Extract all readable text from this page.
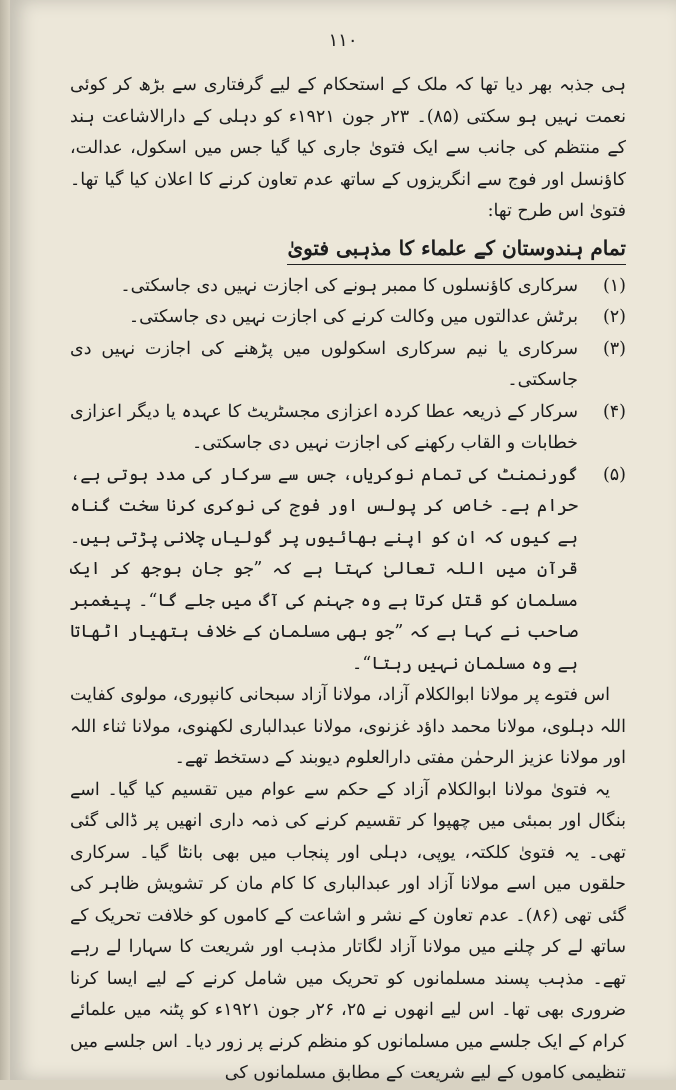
۱۱۰

ہی جذبہ بھر دیا تھا کہ ملک کے استحکام کے لیے گرفتاری سے بڑھ کر کوئی نعمت نہیں ہو سکتی (۸۵)۔ ۲۳ر جون ۱۹۲۱ء کو دہلی کے دارالاشاعت ہند کے منتظم کی جانب سے ایک فتویٰ جاری کیا گیا جس میں اسکول، عدالت، کاؤنسل اور فوج سے انگریزوں کے ساتھ عدم تعاون کرنے کا اعلان کیا گیا تھا۔ فتویٰ اس طرح تھا:

تمام ہندوستان کے علماء کا مذہبی فتویٰ
(۱)
سرکاری کاؤنسلوں کا ممبر ہونے کی اجازت نہیں دی جاسکتی۔
(۲)
برٹش عدالتوں میں وکالت کرنے کی اجازت نہیں دی جاسکتی۔
(۳)
سرکاری یا نیم سرکاری اسکولوں میں پڑھنے کی اجازت نہیں دی جاسکتی۔
(۴)
سرکار کے ذریعہ عطا کردہ اعزازی مجسٹریٹ کا عہدہ یا دیگر اعزازی خطابات و القاب رکھنے کی اجازت نہیں دی جاسکتی۔
(۵)
گورنمنٹ کی تمام نوکریاں، جس سے سرکار کی مدد ہوتی ہے، حرام ہے۔ خاص کر پولس اور فوج کی نوکری کرنا سخت گناہ ہے کیوں کہ ان کو اپنے بھائیوں پر گولیاں چلانی پڑتی ہیں۔ قرآن میں اللہ تعالیٰ کہتا ہے کہ ”جو جان بوجھ کر ایک مسلمان کو قتل کرتا ہے وہ جہنم کی آگ میں جلے گا“۔ پیغمبر صاحب نے کہا ہے کہ ”جو بھی مسلمان کے خلاف ہتھیار اٹھاتا ہے وہ مسلمان نہیں رہتا“۔

اس فتوے پر مولانا ابوالکلام آزاد، مولانا آزاد سبحانی کانپوری، مولوی کفایت اللہ دہلوی، مولانا محمد داؤد غزنوی، مولانا عبدالباری لکھنوی، مولانا ثناء اللہ اور مولانا عزیز الرحمٰن مفتی دارالعلوم دیوبند کے دستخط تھے۔

یہ فتویٰ مولانا ابوالکلام آزاد کے حکم سے عوام میں تقسیم کیا گیا۔ اسے بنگال اور بمبئی میں چھپوا کر تقسیم کرنے کی ذمہ داری انھیں پر ڈالی گئی تھی۔ یہ فتویٰ کلکتہ، یوپی، دہلی اور پنجاب میں بھی بانٹا گیا۔ سرکاری حلقوں میں اسے مولانا آزاد اور عبدالباری کا کام مان کر تشویش ظاہر کی گئی تھی (۸۶)۔ عدم تعاون کے نشر و اشاعت کے کاموں کو خلافت تحریک کے ساتھ لے کر چلنے میں مولانا آزاد لگاتار مذہب اور شریعت کا سہارا لے رہے تھے۔ مذہب پسند مسلمانوں کو تحریک میں شامل کرنے کے لیے ایسا کرنا ضروری بھی تھا۔ اس لیے انھوں نے ۲۵، ۲۶ر جون ۱۹۲۱ء کو پٹنہ میں علمائے کرام کے ایک جلسے میں مسلمانوں کو منظم کرنے پر زور دیا۔ اس جلسے میں تنظیمی کاموں کے لیے شریعت کے مطابق مسلمانوں کی
